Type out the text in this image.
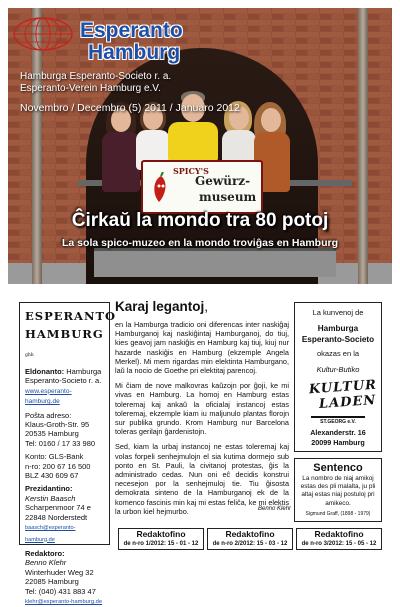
SPICY'S
Gewürz-
museum
Esperanto
Hamburg
Hamburga Esperanto-Societo r. a.
Esperanto-Verein Hamburg e.V.
Novembro / Decembro (5) 2011 / Januaro 2012
Ĉirkaŭ la mondo tra 80 potoj
La sola spico-muzeo en la mondo troviĝas en Hamburg
ESPERANTO
HAMBURG ghh

Eldonanto: Hamburga
Esperanto-Societo r. a.
www.esperanto-hamburg.de

Poŝta adreso:
Klaus-Groth-Str. 95
20535 Hamburg
Tel: 0160 / 17 33 980

Konto: GLS-Bank
n-ro: 200 67 16 500
BLZ 430 609 67

Prezidantino:
Kerstin Baasch
Scharpenmoor 74 e
22848 Norderstedt
baasch@esperanto-hamburg.de

Redaktoro:
Benno Klehr
Winterhuder Weg 32
22085 Hamburg
Tel: (040) 431 883 47
klehr@esperanto-hamburg.de

Karaj legantoj,

en la Hamburga tradicio oni diferencas inter naskiĝaj Hamburganoj kaj naskiĝintaj Hamburganoj, do tiuj, kies geavoj jam naskiĝis en Hamburg kaj tiuj, kiuj nur hazarde naskiĝis en Hamburg (ekzemple Angela Merkel). Mi mem rigardas min elektinta Hamburgano, laŭ la nocio de Goethe pri elektitaj parencoj.

Mi ĉiam de nove malkovras kaŭzojn por ĝoji, ke mi vivas en Hamburg. La homoj en Hamburg estas toleremaj kaj ankaŭ la oficialaj instancoj estas toleremaj, ekzemple kiam iu maljunulo plantas florojn sur publika grundo. Krom Hamburg nur Barcelona toleras gerilajn ĝardenistojn.

Sed, kiam la urbaj instancoj ne estas toleremaj kaj volas forpeli senhejmulojn el sia kutima dormejo sub ponto en St. Pauli, la civitanoj protestas, ĝis la administrado cedas. Nun oni eĉ decidis konstrui necesejon por la senhejmuloj tie. Tiu ĝisosta demokrata sinteno de la Hamburganoj ek de la komenco fascinis min kaj mi estas feliĉa, ke mi elektis la urbon kiel hejmurbo.	Benno Klehr
La kunvenoj de
Hamburga
Esperanto-Societo
okazas en la
Kultur-Butiko
KULTUR
LADEN
ST.GEORG e.V.
Alexanderstr. 16
20099 Hamburg
Sentenco
La nombro de niaj amikoj estas des pli malalta, ju pli altaj estas niaj postuloj pri amikeco.
Sigmund Graff, (1898 - 1979)
Redaktofino
de n-ro 1/2012: 15 - 01 - 12
Redaktofino
de n-ro 2/2012: 15 - 03 - 12
Redaktofino
de n-ro 3/2012: 15 - 05 - 12
